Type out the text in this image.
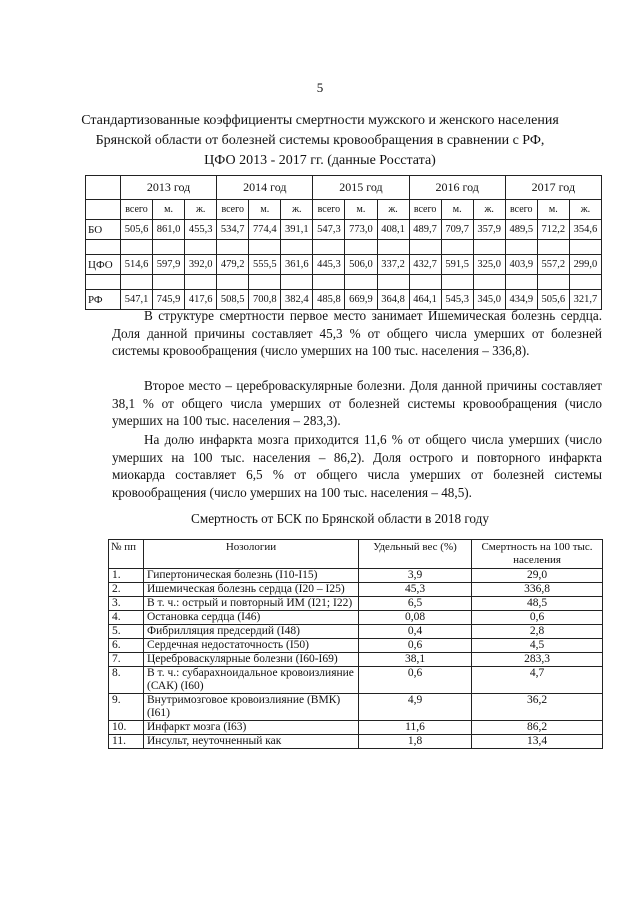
5
Стандартизованные коэффициенты смертности мужского и женского населения
Брянской области от болезней системы кровообращения в сравнении с РФ,
ЦФО 2013 - 2017 гг. (данные Росстата)
	2013 год			2014 год			2015 год			2016 год			2017 год		
	всего	м.	ж.	всего	м.	ж.	всего	м.	ж.	всего	м.	ж.	всего	м.	ж.
БО	505,6	861,0	455,3	534,7	774,4	391,1	547,3	773,0	408,1	489,7	709,7	357,9	489,5	712,2	354,6

ЦФО	514,6	597,9	392,0	479,2	555,5	361,6	445,3	506,0	337,2	432,7	591,5	325,0	403,9	557,2	299,0

РФ	547,1	745,9	417,6	508,5	700,8	382,4	485,8	669,9	364,8	464,1	545,3	345,0	434,9	505,6	321,7

В структуре смертности первое место занимает Ишемическая болезнь сердца. Доля данной причины составляет 45,3 % от общего числа умерших от болезней системы кровообращения (число умерших на 100 тыс. населения – 336,8).

Второе место – цереброваскулярные болезни. Доля данной причины составляет 38,1 % от общего числа умерших от болезней системы кровообращения (число умерших на 100 тыс. населения – 283,3).

На долю инфаркта мозга приходится 11,6 % от общего числа умерших (число умерших на 100 тыс. населения – 86,2). Доля острого и повторного инфаркта миокарда составляет 6,5 % от общего числа умерших от болезней системы кровообращения (число умерших на 100 тыс. населения – 48,5).

Смертность от БСК по Брянской области в 2018 году
№ пп	Нозологии	Удельный вес (%)	Смертность на 100 тыс. населения
1.	Гипертоническая болезнь (I10-I15)	3,9	29,0
2.	Ишемическая болезнь сердца (I20 – I25)	45,3	336,8
3.	В т. ч.: острый и повторный ИМ (I21; I22)	6,5	48,5
4.	Остановка сердца (I46)	0,08	0,6
5.	Фибрилляция предсердий (I48)	0,4	2,8
6.	Сердечная недостаточность (I50)	0,6	4,5
7.	Цереброваскулярные болезни (I60-I69)	38,1	283,3
8.	В т. ч.: субарахноидальное кровоизлияние (САК) (I60)	0,6	4,7
9.	Внутримозговое кровоизлияние (ВМК) (I61)	4,9	36,2
10.	Инфаркт мозга (I63)	11,6	86,2
11.	Инсульт, неуточненный как	1,8	13,4
